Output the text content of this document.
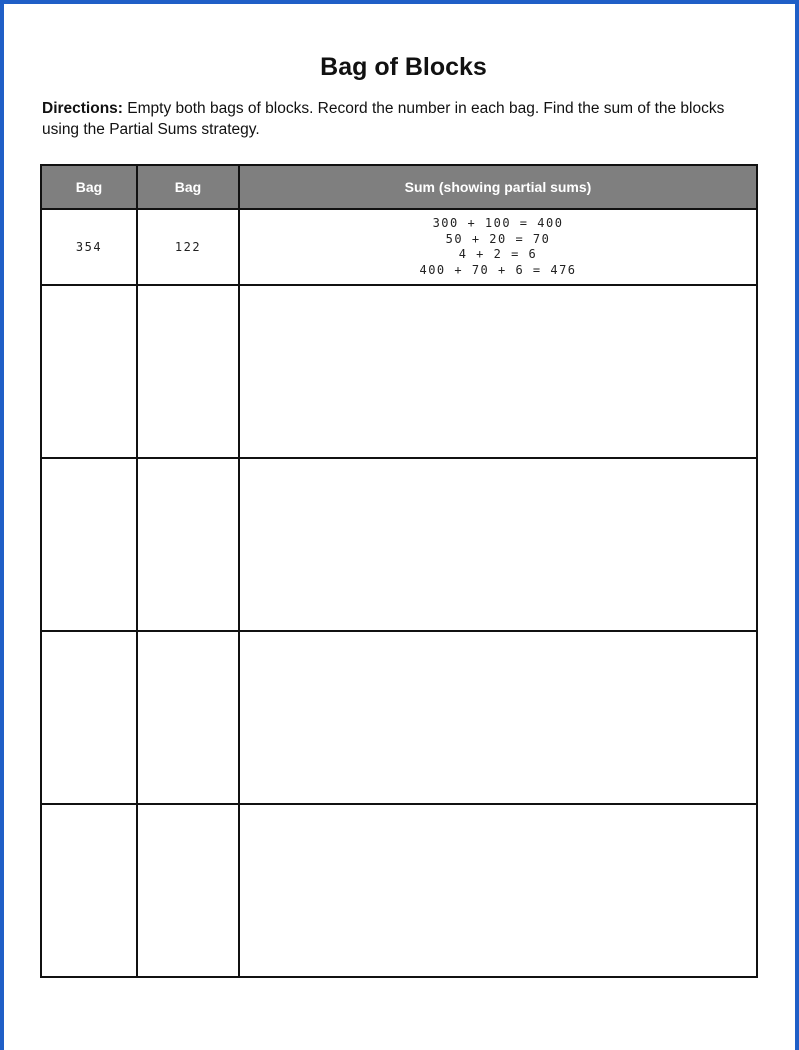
Bag of Blocks
Directions: Empty both bags of blocks. Record the number in each bag. Find the sum of the blocks using the Partial Sums strategy.
Bag	Bag	Sum (showing partial sums)
354	122	300 + 100 = 400
50 + 20 = 70
4 + 2 = 6
400 + 70 + 6 = 476
